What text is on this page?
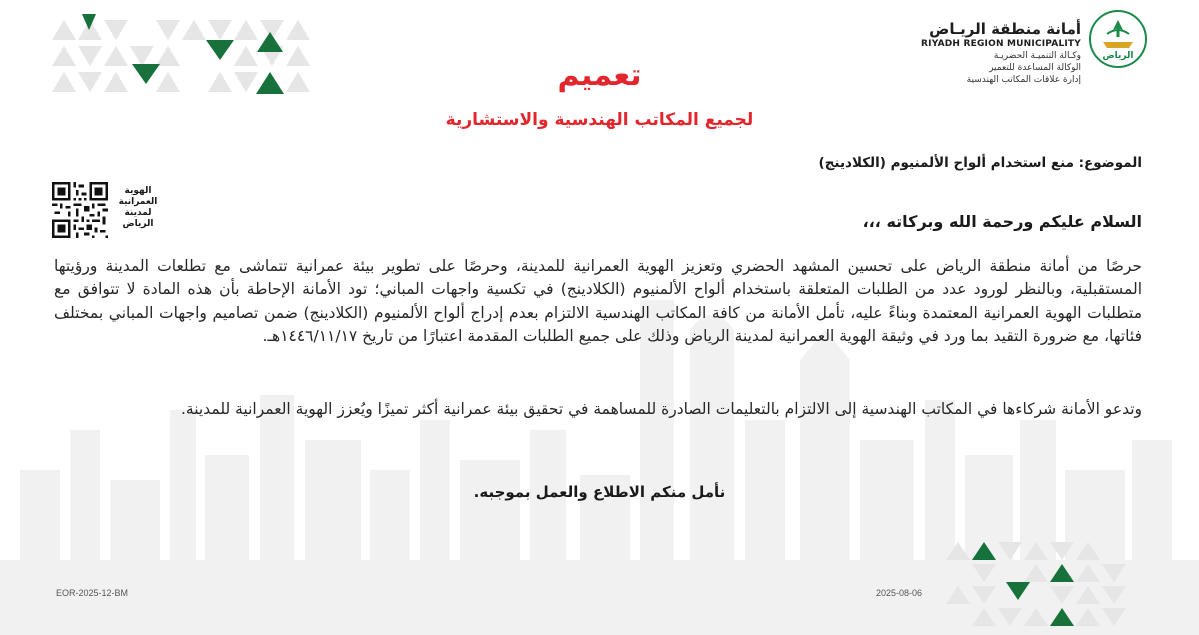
الرياض
أمانة منطقة الريـاض
RIYADH REGION MUNICIPALITY
وكـالة التنميـة الحضريـة
الوكالة المساعدة للتعمير
إدارة علاقات المكاتب الهندسية
تعميم
لجميع المكاتب الهندسية والاستشارية

الموضوع: منع استخدام ألواح الألمنيوم (الكلادينج)

الهوية
العمرانية
لمدينة
الرياض	السلام عليكم ورحمة الله وبركاته ،،،

حرصًا من أمانة منطقة الرياض على تحسين المشهد الحضري وتعزيز الهوية العمرانية للمدينة، وحرصًا على تطوير بيئة عمرانية تتماشى مع تطلعات المدينة ورؤيتها المستقبلية، وبالنظر لورود عدد من الطلبات المتعلقة باستخدام ألواح الألمنيوم (الكلادينج) في تكسية واجهات المباني؛ تود الأمانة الإحاطة بأن هذه المادة لا تتوافق مع متطلبات الهوية العمرانية المعتمدة وبناءً عليه، تأمل الأمانة من كافة المكاتب الهندسية الالتزام بعدم إدراج ألواح الألمنيوم (الكلادينج) ضمن تصاميم واجهات المباني بمختلف فئاتها، مع ضرورة التقيد بما ورد في وثيقة الهوية العمرانية لمدينة الرياض وذلك على جميع الطلبات المقدمة اعتبارًا من تاريخ ١٤٤٦/١١/١٧هـ.

وتدعو الأمانة شركاءها في المكاتب الهندسية إلى الالتزام بالتعليمات الصادرة للمساهمة في تحقيق بيئة عمرانية أكثر تميزًا ويُعزز الهوية العمرانية للمدينة.

نأمل منكم الاطلاع والعمل بموجبه.

EOR-2025-12-BM	2025-08-06
